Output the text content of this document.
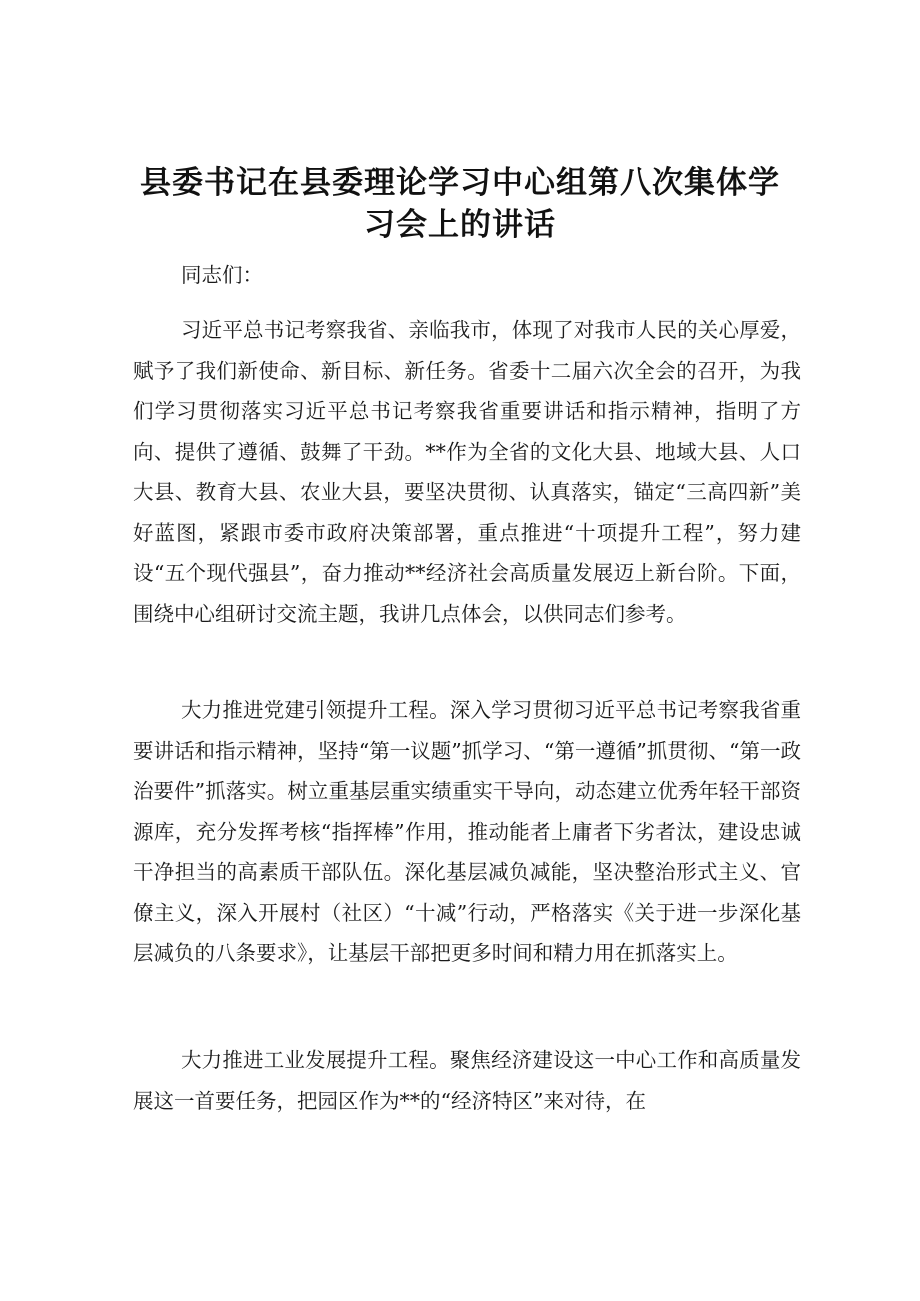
县委书记在县委理论学习中心组第八次集体学习会上的讲话

同志们：

习近平总书记考察我省、亲临我市，体现了对我市人民的关心厚爱，赋予了我们新使命、新目标、新任务。省委十二届六次全会的召开，为我们学习贯彻落实习近平总书记考察我省重要讲话和指示精神，指明了方向、提供了遵循、鼓舞了干劲。**作为全省的文化大县、地域大县、人口大县、教育大县、农业大县，要坚决贯彻、认真落实，锚定“三高四新”美好蓝图，紧跟市委市政府决策部署，重点推进“十项提升工程”，努力建设“五个现代强县”，奋力推动**经济社会高质量发展迈上新台阶。下面，围绕中心组研讨交流主题，我讲几点体会，以供同志们参考。

大力推进党建引领提升工程。深入学习贯彻习近平总书记考察我省重要讲话和指示精神，坚持“第一议题”抓学习、“第一遵循”抓贯彻、“第一政治要件”抓落实。树立重基层重实绩重实干导向，动态建立优秀年轻干部资源库，充分发挥考核“指挥棒”作用，推动能者上庸者下劣者汰，建设忠诚干净担当的高素质干部队伍。深化基层减负减能，坚决整治形式主义、官僚主义，深入开展村（社区）“十减”行动，严格落实《关于进一步深化基层减负的八条要求》，让基层干部把更多时间和精力用在抓落实上。

大力推进工业发展提升工程。聚焦经济建设这一中心工作和高质量发展这一首要任务，把园区作为**的“经济特区”来对待，在
